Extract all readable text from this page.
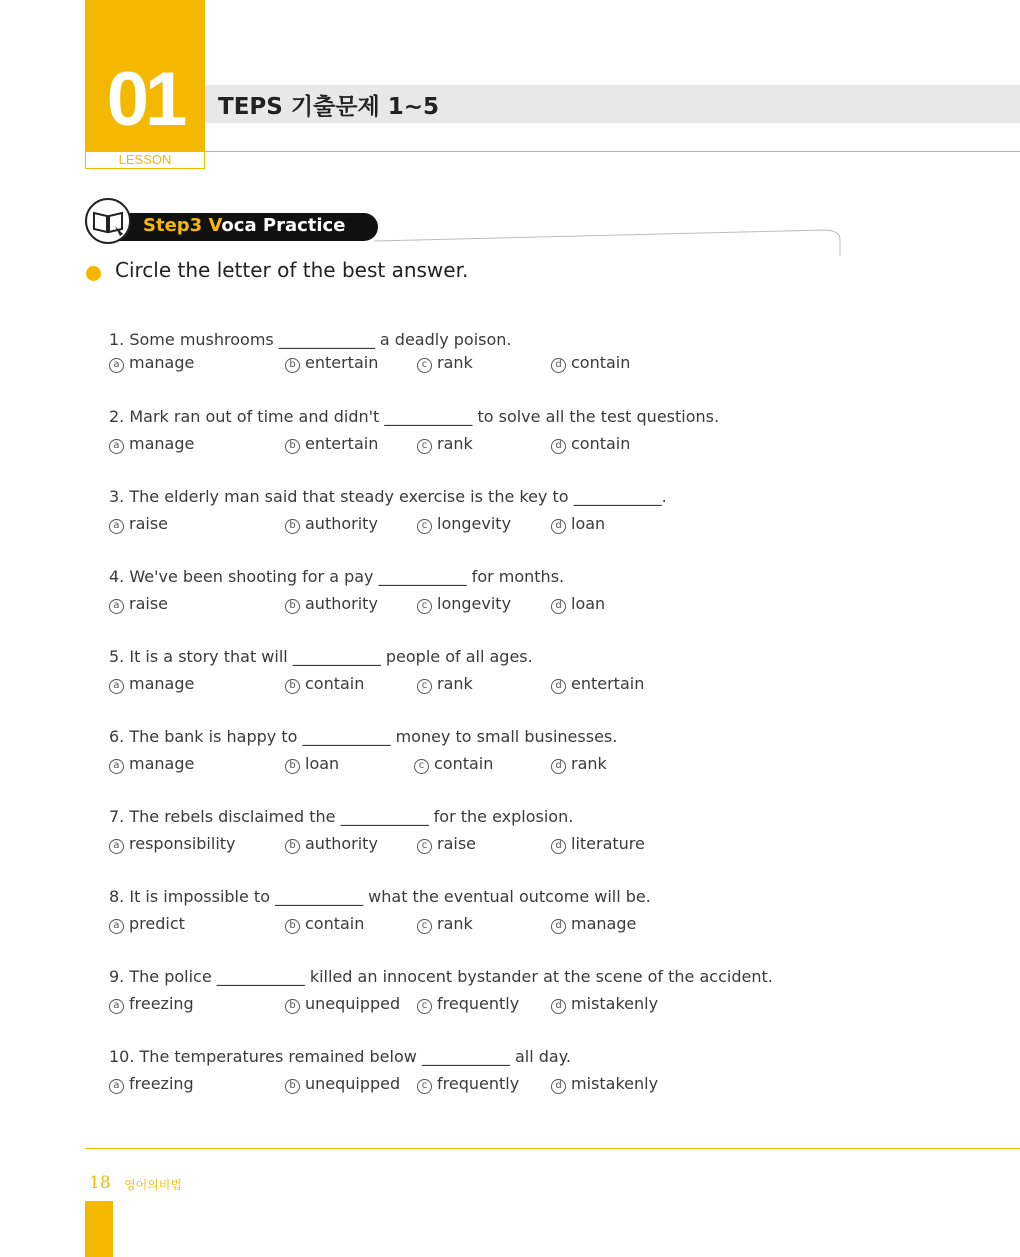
01
LESSON
TEPS 기출문제 1~5
Step3 Voca Practice
Circle the letter of the best answer.
1. Some mushrooms ____________ a deadly poison.
a manage	b entertain	c rank	d contain
2. Mark ran out of time and didn't ___________ to solve all the test questions.
a manage	b entertain	c rank	d contain
3. The elderly man said that steady exercise is the key to ___________.
a raise	b authority	c longevity	d loan
4. We've been shooting for a pay ___________ for months.
a raise	b authority	c longevity	d loan
5. It is a story that will ___________ people of all ages.
a manage	b contain	c rank	d entertain
6. The bank is happy to ___________ money to small businesses.
a manage	b loan	c contain	d rank
7. The rebels disclaimed the ___________ for the explosion.
a responsibility	b authority	c raise	d literature
8. It is impossible to ___________ what the eventual outcome will be.
a predict	b contain	c rank	d manage
9. The police ___________ killed an innocent bystander at the scene of the accident.
a freezing	b unequipped	c frequently	d mistakenly
10. The temperatures remained below ___________ all day.
a freezing	b unequipped	c frequently	d mistakenly
18 영어의비법
